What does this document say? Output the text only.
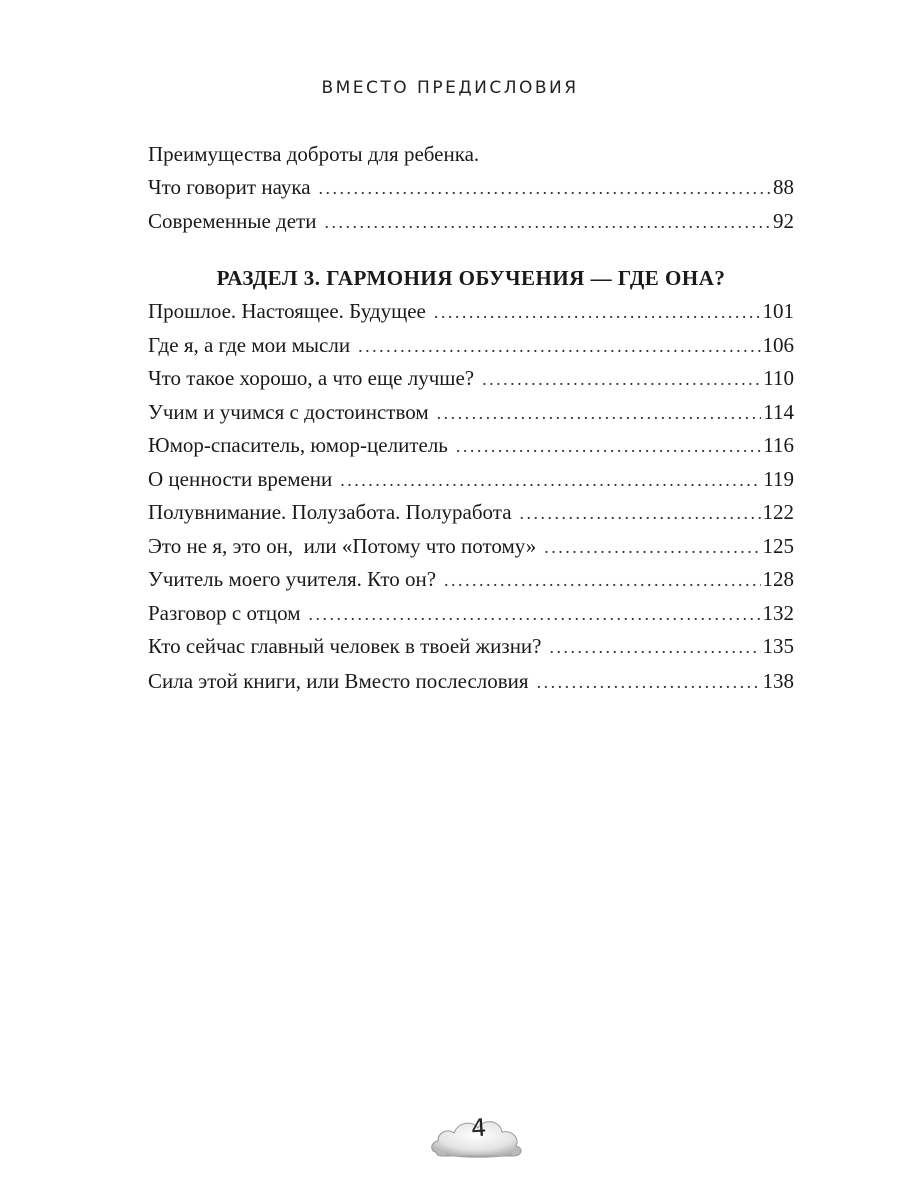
ВМЕСТО ПРЕДИСЛОВИЯ
Преимущества доброты для ребенка.
Что говорит наука . . .	88
Современные дети . . .	92
РАЗДЕЛ 3. ГАРМОНИЯ ОБУЧЕНИЯ — ГДЕ ОНА?
Прошлое. Настоящее. Будущее . . .	101
Где я, а где мои мысли . . .	106
Что такое хорошо, а что еще лучше? . . .	110
Учим и учимся с достоинством . . .	114
Юмор-спаситель, юмор-целитель . . .	116
О ценности времени . . .	119
Полувнимание. Полузабота. Полуработа . . .	122
Это не я, это он,  или «Потому что потому» . . .	125
Учитель моего учителя. Кто он? . . .	128
Разговор с отцом . . .	132
Кто сейчас главный человек в твоей жизни? . . .	135
Сила этой книги, или Вместо послесловия . . .	138
4
